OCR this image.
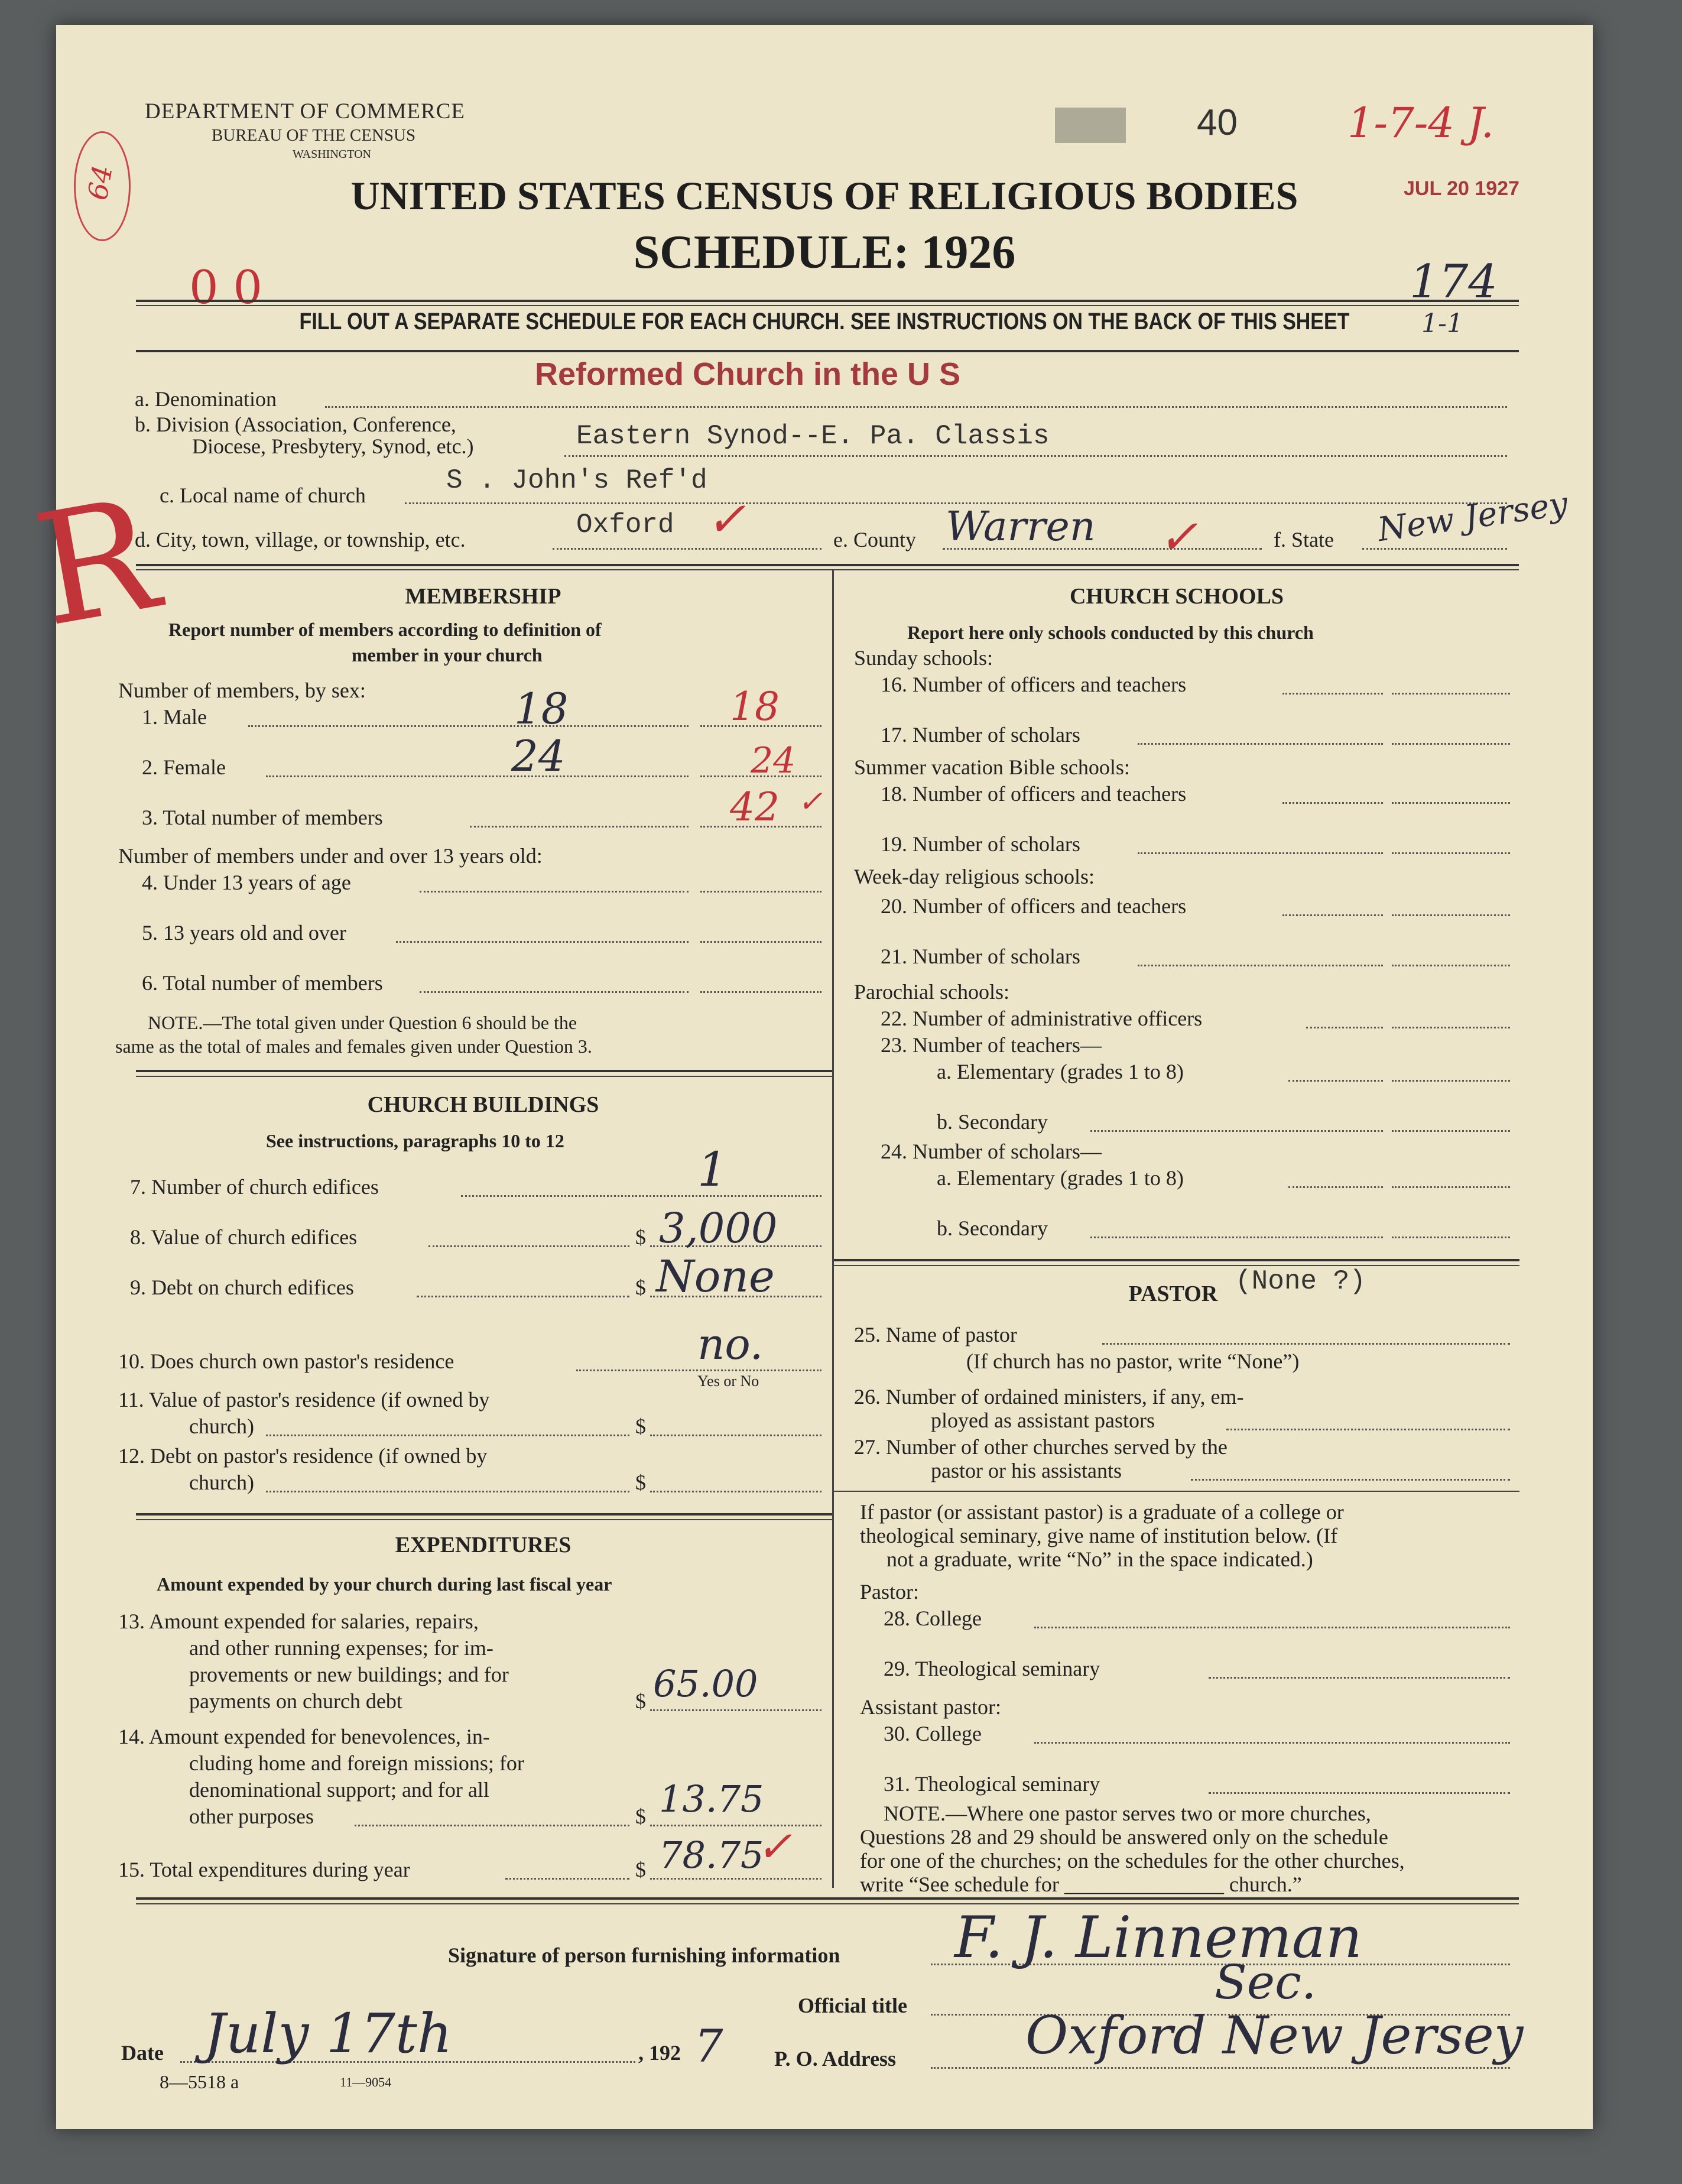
DEPARTMENT OF COMMERCE
BUREAU OF THE CENSUS
WASHINGTON
40	1-7-4 J.
JUL 20 1927
UNITED STATES CENSUS OF RELIGIOUS BODIES
SCHEDULE: 1926
174
1-1
64
0 0
FILL OUT A SEPARATE SCHEDULE FOR EACH CHURCH. SEE INSTRUCTIONS ON THE BACK OF THIS SHEET
Reformed Church in the U S
a. Denomination
b. Division (Association, Conference,
Diocese, Presbytery, Synod, etc.)	Eastern Synod--E. Pa. Classis
R
c. Local name of church	S . John's Ref'd
d. City, town, village, or township, etc.	Oxford ✓	e. County Warren ✓	f. State New Jersey
MEMBERSHIP
Report number of members according to definition of
member in your church
Number of members, by sex:
1. Male	18	18
2. Female	24	24
3. Total number of members	42 ✓
Number of members under and over 13 years old:
4. Under 13 years of age
5. 13 years old and over
6. Total number of members
NOTE.—The total given under Question 6 should be the
same as the total of males and females given under Question 3.
CHURCH BUILDINGS
See instructions, paragraphs 10 to 12
7. Number of church edifices	1
8. Value of church edifices	$ 3,000
9. Debt on church edifices	$ None
10. Does church own pastor's residence	no.
Yes or No
11. Value of pastor's residence (if owned by
church)	$
12. Debt on pastor's residence (if owned by
church)	$
EXPENDITURES
Amount expended by your church during last fiscal year
13. Amount expended for salaries, repairs,
and other running expenses; for im-
provements or new buildings; and for
payments on church debt	$ 65.00
14. Amount expended for benevolences, in-
cluding home and foreign missions; for
denominational support; and for all
other purposes	$ 13.75
15. Total expenditures during year	$ 78.75
✓
CHURCH SCHOOLS
Report here only schools conducted by this church
Sunday schools:
16. Number of officers and teachers
17. Number of scholars
Summer vacation Bible schools:
18. Number of officers and teachers
19. Number of scholars
Week-day religious schools:
20. Number of officers and teachers
21. Number of scholars
Parochial schools:
22. Number of administrative officers
23. Number of teachers—
a. Elementary (grades 1 to 8)
b. Secondary
24. Number of scholars—
a. Elementary (grades 1 to 8)
b. Secondary
PASTOR (None ?)
25. Name of pastor
(If church has no pastor, write “None”)
26. Number of ordained ministers, if any, em-
ployed as assistant pastors
27. Number of other churches served by the
pastor or his assistants
If pastor (or assistant pastor) is a graduate of a college or
theological seminary, give name of institution below. (If
not a graduate, write “No” in the space indicated.)
Pastor:
28. College
29. Theological seminary
Assistant pastor:
30. College
31. Theological seminary
NOTE.—Where one pastor serves two or more churches,
Questions 28 and 29 should be answered only on the schedule
for one of the churches; on the schedules for the other churches,
write “See schedule for _______________ church.”
Signature of person furnishing information F. J. Linneman
Official title	Sec.
Date July 17th	, 192 7 P. O. Address Oxford New Jersey
8—5518 a	11—9054
